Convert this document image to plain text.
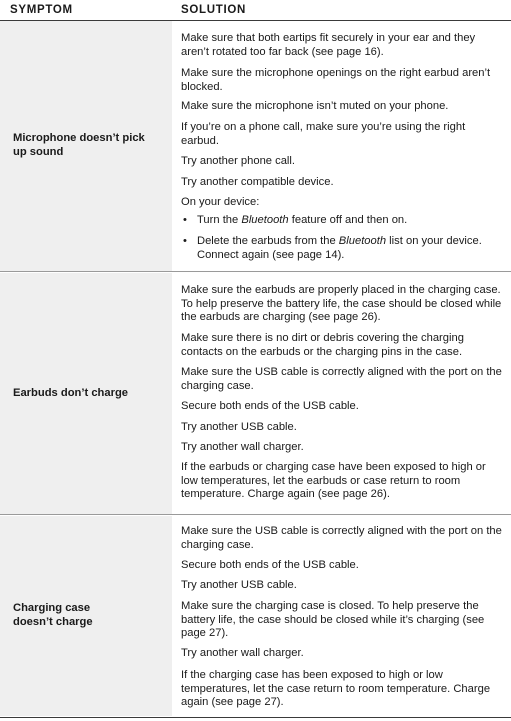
SYMPTOM	SOLUTION
Microphone doesn’t pick up sound

Make sure that both eartips fit securely in your ear and they aren’t rotated too far back (see page 16).

Make sure the microphone openings on the right earbud aren’t blocked.

Make sure the microphone isn’t muted on your phone.

If you’re on a phone call, make sure you’re using the right earbud.

Try another phone call.

Try another compatible device.

On your device:

• Turn the Bluetooth feature off and then on.
• Delete the earbuds from the Bluetooth list on your device. Connect again (see page 14).
Earbuds don’t charge

Make sure the earbuds are properly placed in the charging case. To help preserve the battery life, the case should be closed while the earbuds are charging (see page 26).

Make sure there is no dirt or debris covering the charging contacts on the earbuds or the charging pins in the case.

Make sure the USB cable is correctly aligned with the port on the charging case.

Secure both ends of the USB cable.

Try another USB cable.

Try another wall charger.

If the earbuds or charging case have been exposed to high or low temperatures, let the earbuds or case return to room temperature. Charge again (see page 26).

Charging case doesn’t charge

Make sure the USB cable is correctly aligned with the port on the charging case.

Secure both ends of the USB cable.

Try another USB cable.

Make sure the charging case is closed. To help preserve the battery life, the case should be closed while it’s charging (see page 27).

Try another wall charger.

If the charging case has been exposed to high or low temperatures, let the case return to room temperature. Charge again (see page 27).
